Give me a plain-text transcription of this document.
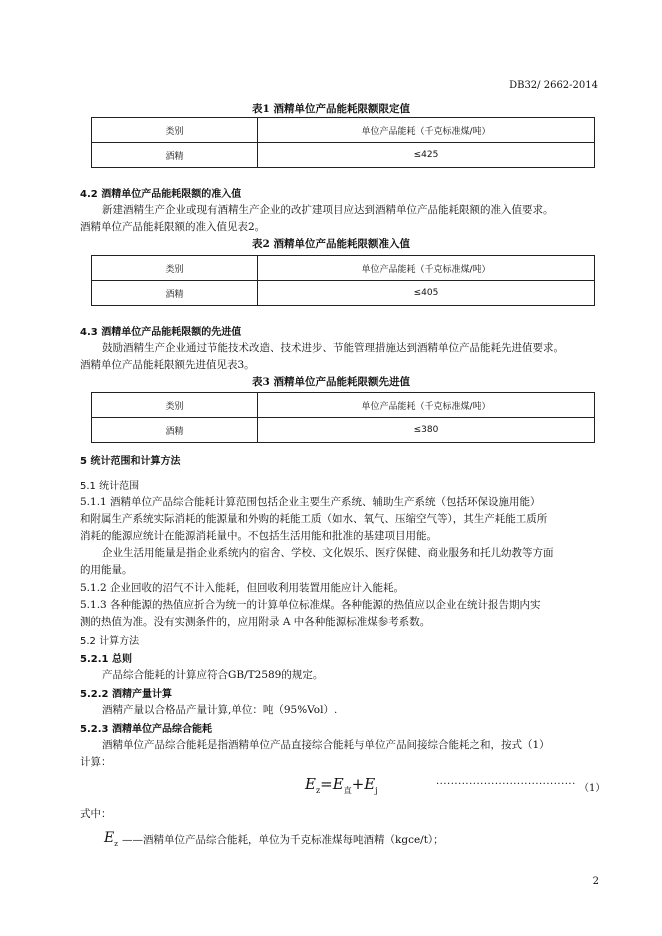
DB32/ 2662-2014
表1 酒精单位产品能耗限额限定值
类别	单位产品能耗（千克标准煤/吨）
酒精	≤425
4.2 酒精单位产品能耗限额的准入值
新建酒精生产企业或现有酒精生产企业的改扩建项目应达到酒精单位产品能耗限额的准入值要求。
酒精单位产品能耗限额的准入值见表2。
表2 酒精单位产品能耗限额准入值
类别	单位产品能耗（千克标准煤/吨）
酒精	≤405
4.3 酒精单位产品能耗限额的先进值
鼓励酒精生产企业通过节能技术改造、技术进步、节能管理措施达到酒精单位产品能耗先进值要求。
酒精单位产品能耗限额先进值见表3。
表3 酒精单位产品能耗限额先进值
类别	单位产品能耗（千克标准煤/吨）
酒精	≤380
5 统计范围和计算方法
5.1 统计范围
5.1.1 酒精单位产品综合能耗计算范围包括企业主要生产系统、辅助生产系统（包括环保设施用能）
和附属生产系统实际消耗的能源量和外购的耗能工质（如水、氧气、压缩空气等），其生产耗能工质所
消耗的能源应统计在能源消耗量中。不包括生活用能和批准的基建项目用能。
企业生活用能量是指企业系统内的宿舍、学校、文化娱乐、医疗保健、商业服务和托儿幼教等方面
的用能量。
5.1.2 企业回收的沼气不计入能耗，但回收利用装置用能应计入能耗。
5.1.3 各种能源的热值应折合为统一的计算单位标准煤。各种能源的热值应以企业在统计报告期内实
测的热值为准。没有实测条件的，应用附录 A 中各种能源标准煤参考系数。
5.2 计算方法
5.2.1 总则
产品综合能耗的计算应符合GB/T2589的规定。
5.2.2 酒精产量计算
酒精产量以合格品产量计算,单位：吨（95%Vol）.
5.2.3 酒精单位产品综合能耗
酒精单位产品综合能耗是指酒精单位产品直接综合能耗与单位产品间接综合能耗之和，按式（1）
计算：
$E_z=E_直+E_j$
······································ （1）
式中：
$E_z$ ——酒精单位产品综合能耗，单位为千克标准煤每吨酒精（kgce/t）；
2
